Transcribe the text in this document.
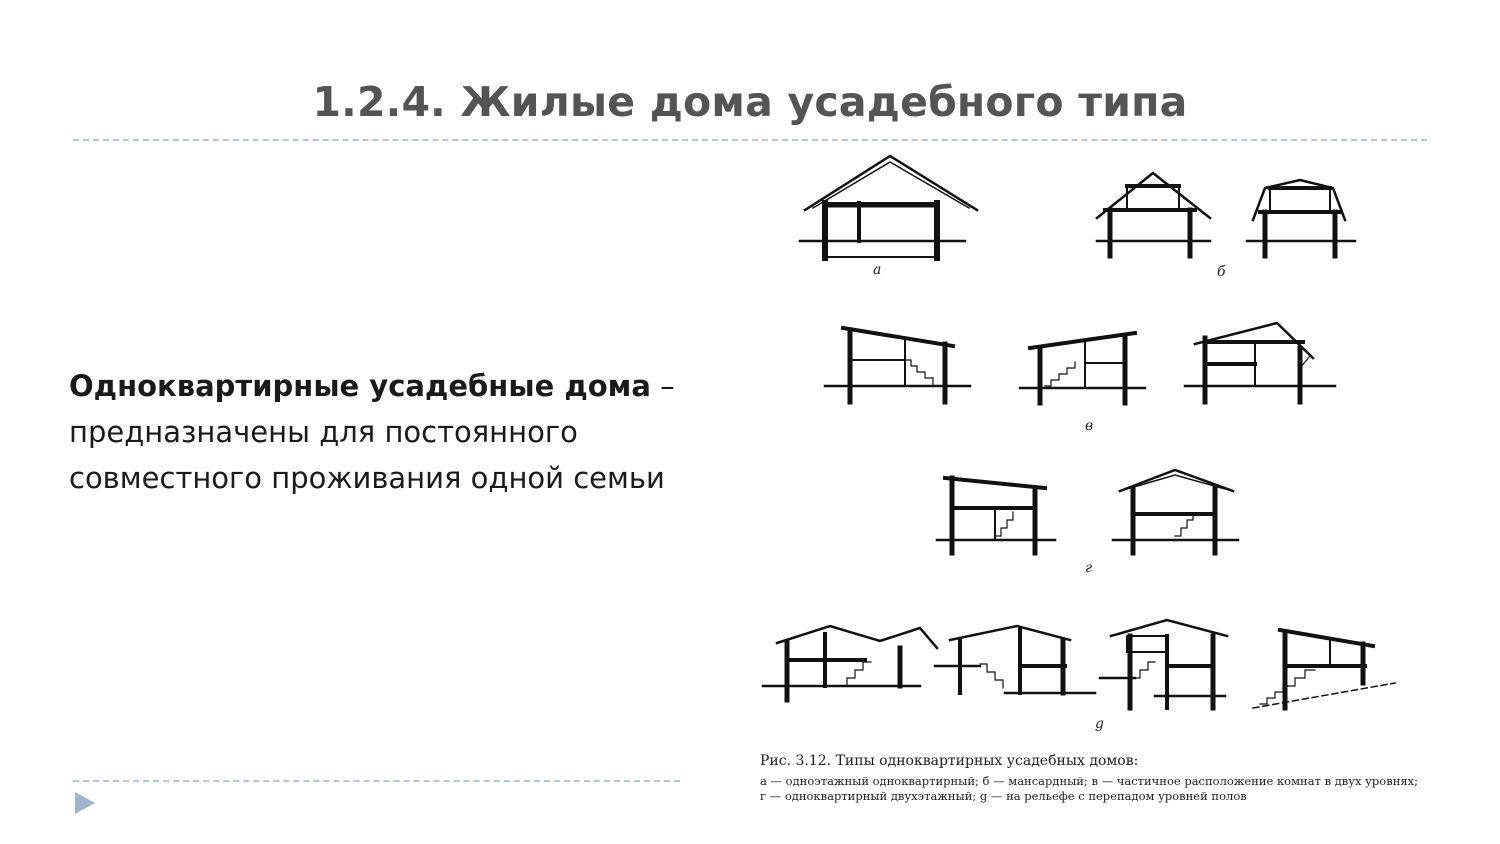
1.2.4. Жилые дома усадебного типа
Одноквартирные усадебные дома – предназначены для постоянного совместного проживания одной семьи
а	б
в
г
g
Рис. 3.12. Типы одноквартирных усадебных домов:
а — одноэтажный одноквартирный; б — мансардный; в — частичное расположение комнат в двух уровнях; г — одноквартирный двухэтажный; g — на рельефе с перепадом уровней полов
